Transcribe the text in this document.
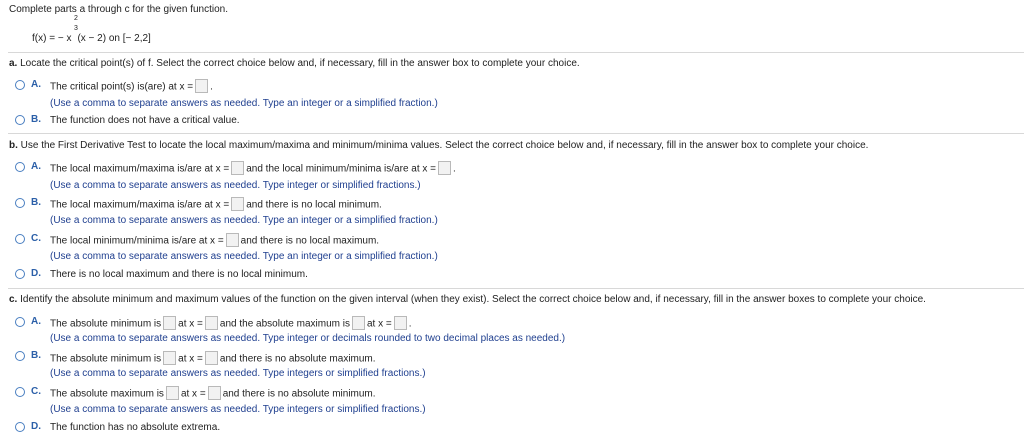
Complete parts a through c for the given function.
f(x) = − x (x − 2) on [− 2,2]
2
3
a. Locate the critical point(s) of f. Select the correct choice below and, if necessary, fill in the answer box to complete your choice.
A. The critical point(s) is(are) at x = .
(Use a comma to separate answers as needed. Type an integer or a simplified fraction.)
B. The function does not have a critical value.
b. Use the First Derivative Test to locate the local maximum/maxima and minimum/minima values. Select the correct choice below and, if necessary, fill in the answer box to complete your choice.
A. The local maximum/maxima is/are at x = and the local minimum/minima is/are at x = .
(Use a comma to separate answers as needed. Type integer or simplified fractions.)
B. The local maximum/maxima is/are at x = and there is no local minimum.
(Use a comma to separate answers as needed. Type an integer or a simplified fraction.)
C. The local minimum/minima is/are at x = and there is no local maximum.
(Use a comma to separate answers as needed. Type an integer or a simplified fraction.)
D. There is no local maximum and there is no local minimum.
c. Identify the absolute minimum and maximum values of the function on the given interval (when they exist). Select the correct choice below and, if necessary, fill in the answer boxes to complete your choice.
A. The absolute minimum is at x = and the absolute maximum is at x = .
(Use a comma to separate answers as needed. Type integer or decimals rounded to two decimal places as needed.)
B. The absolute minimum is at x = and there is no absolute maximum.
(Use a comma to separate answers as needed. Type integers or simplified fractions.)
C. The absolute maximum is at x = and there is no absolute minimum.
(Use a comma to separate answers as needed. Type integers or simplified fractions.)
D. The function has no absolute extrema.
